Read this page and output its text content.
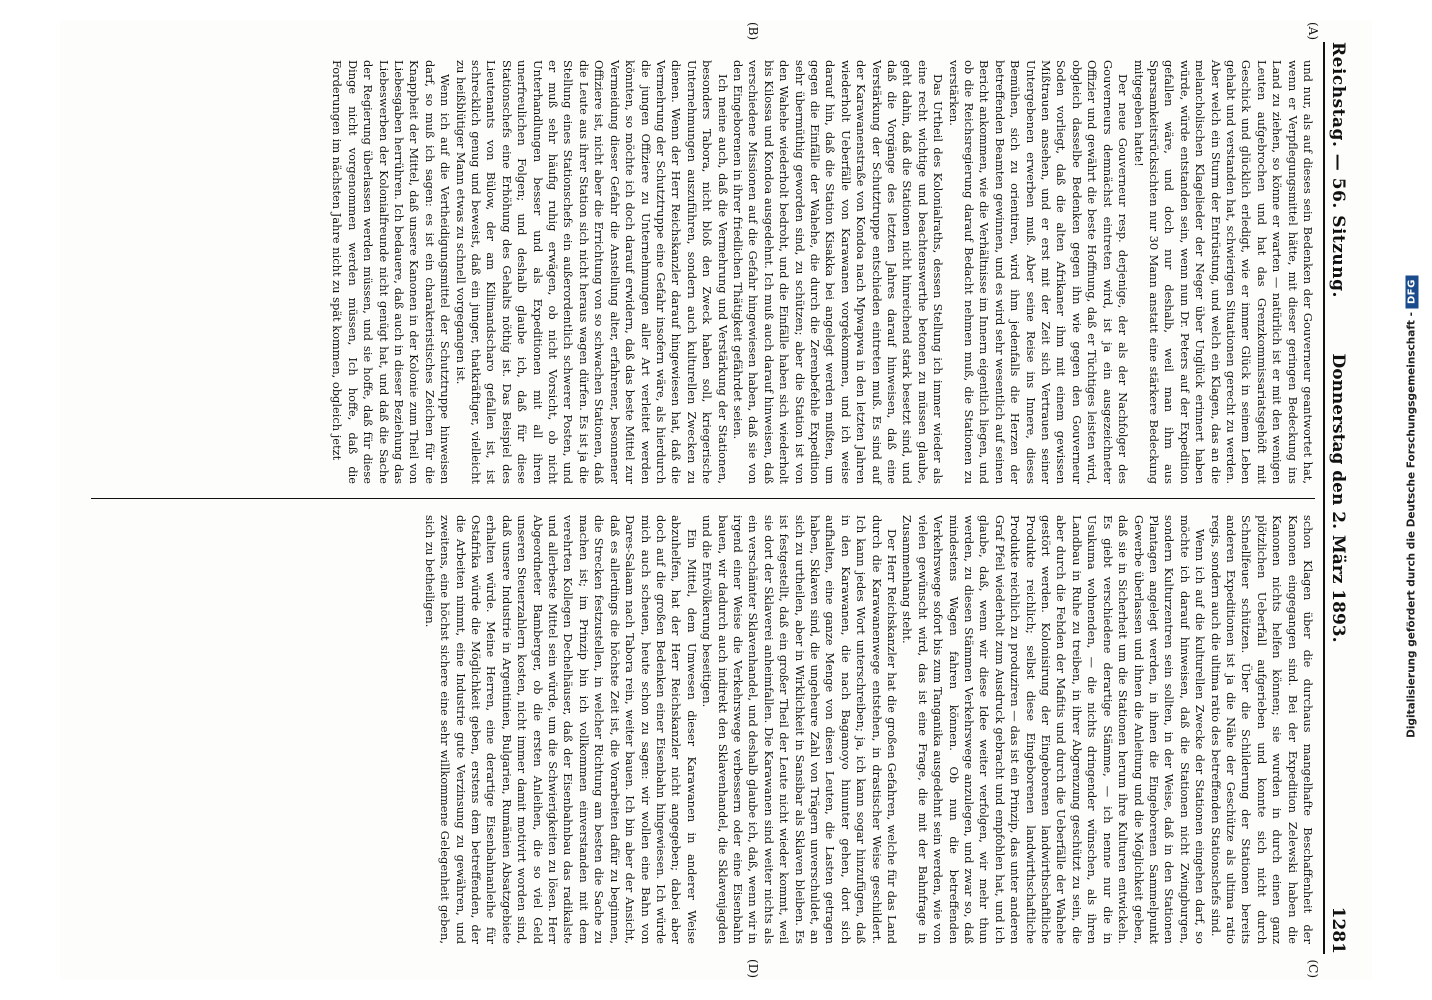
Reichstag. — 56. Sitzung.
Donnerstag den 2. März 1893.
1281
(A)
(B)
(C)
(D)

und nur, als auf dieses sein Bedenken der Gouverneur geantwortet hat, wenn er Verpflegungsmittel hätte, mit dieser geringen Bedeckung ins Land zu ziehen, so könne er warten — natürlich ist er mit den wenigen Leuten aufgebrochen und hat das Grenzkommissariatsgehöft mit Geschick und glücklich erledigt, wie er immer Glück in seinem Leben gehabt und verstanden hat, schwierigen Situationen gerecht zu werden. Aber welch ein Sturm der Entrüstung, und welch ein Klagen, das an die melancholischen Klagelieder der Neger über Unglück erinnert haben würde, würde entstanden sein, wenn nun Dr. Peters auf der Expedition gefallen wäre, und doch nur deshalb, weil man ihm aus Sparsamkeitsrücksichten nur 30 Mann anstatt eine stärkere Bedeckung mitgegeben hatte!

Der neue Gouverneur resp. derjenige, der als der Nachfolger des Gouverneurs demnächst eintreten wird, ist ja ein ausgezeichneter Offizier und gewährt die beste Hoffnung, daß er Tüchtiges leisten wird, obgleich dasselbe Bedenken gegen ihn wie gegen den Gouverneur Soden vorliegt, daß die alten Afrikaner ihm mit einem gewissen Mißtrauen ansehen, und er erst mit der Zeit sich Vertrauen seiner Untergebenen erwerben muß. Aber seine Reise ins Innere, dieses Bemühen, sich zu orientiren, wird ihm jedenfalls die Herzen der betreffenden Beamten gewinnen, und es wird sehr wesentlich auf seinen Bericht ankommen, wie die Verhältnisse im Innern eigentlich liegen, und ob die Reichsregierung darauf Bedacht nehmen muß, die Stationen zu verstärken.

Das Urtheil des Kolonialraths, dessen Stellung ich immer wieder als eine recht wichtige und beachtenswerthe betonen zu müssen glaube, geht dahin, daß die Stationen nicht hinreichend stark besetzt sind, und daß die Vorgänge des letzten Jahres darauf hinweisen, daß eine Verstärkung der Schutztruppe entschieden eintreten muß. Es sind auf der Karawanenstraße von Kondoa nach Mpwapwa in den letzten Jahren wiederholt Ueberfälle von Karawanen vorgekommen, und ich weise darauf hin, daß die Station Kisakka bei angelegt werden mußten, um gegen die Einfälle der Wahehe, die durch die Zerenbefehle Expedition sehr übermüthig geworden sind, zu schützen; aber die Station ist von den Wahehe wiederholt bedroht, und die Einfälle haben sich wiederholt bis Kilossa und Kondoa ausgedehnt. Ich muß auch darauf hinweisen, daß verschiedene Missionen auf die Gefahr hingewiesen haben, daß sie von den Eingeborenen in ihrer friedlichen Thätigkeit gefährdet seien.

Ich meine auch, daß die Vermehrung und Verstärkung der Stationen, besonders Tabora, nicht bloß den Zweck haben soll, kriegerische Unternehmungen auszuführen, sondern auch kulturellen Zwecken zu dienen. Wenn der Herr Reichskanzler darauf hingewiesen hat, daß die Vermehrung der Schutztruppe eine Gefahr insofern wäre, als hierdurch die jungen Offiziere zu Unternehmungen aller Art verleitet werden könnten, so möchte ich doch darauf erwidern, daß das beste Mittel zur Vermeidung dieser Gefahr die Anstellung alter, erfahrener, besonnener Offiziere ist, nicht aber die Errichtung von so schwachen Stationen, daß die Leute aus ihrer Station sich nicht heraus wagen dürfen. Es ist ja die Stellung eines Stationschefs ein außerordentlich schwerer Posten, und er muß sehr häufig ruhig erwägen, ob nicht Vorsicht, ob nicht Unterhandlungen besser und als Expeditionen mit all ihren unerfreulichen Folgen; und deshalb glaube ich, daß für diese Stationschefs eine Erhöhung des Gehalts nöthig ist. Das Beispiel des Lieutenants von Bülow, der am Kilimandscharo gefallen ist, ist schrecklich genug und beweist, daß ein junger, thatkräftiger, vielleicht zu heißblütiger Mann etwas zu schnell vorgegangen ist.

Wenn ich auf die Vertheidigungsmittel der Schutztruppe hinweisen darf, so muß ich sagen: es ist ein charakteristisches Zeichen für die Knappheit der Mittel, daß unsere Kanonen in der Kolonie zum Theil von Liebesgaben herrühren. Ich bedauere, daß auch in dieser Beziehung das Liebeswerben der Kolonialfreunde nicht genügt hat, und daß die Sache der Regierung überlassen werden müssen, und sie hoffe, daß für diese Dinge nicht vorgenommen werden müssen, Ich hoffe, daß die Forderungen im nächsten Jahre nicht zu spät kommen, obgleich jetzt

schon Klagen über die durchaus mangelhafte Beschaffenheit der Kanonen eingegangen sind. Bei der Expedition Zelewski haben die Kanonen nichts helfen können; sie wurden in durch einen ganz plötzlichen Ueberfall aufgerieben und konnte sich nicht durch Schnellfeuer schützen. Über die Schilderung der Stationen bereits anderen Expeditionen ist ja die Nähe der Geschütze als ultima ratio regis, sondern auch die ultima ratio des betreffenden Stationschefs sind.

Wenn ich auf die kulturellen Zwecke der Stationen eingehen darf, so möchte ich darauf hinweisen, daß die Stationen nicht Zwingburgen, sondern Kulturzentren sein sollten, in der Weise, daß in den Stationen Plantagen angelegt werden, in ihnen die Eingeborenen Sammelpunkt Gewerbe überlassen und ihnen die Anleitung und die Möglichkeit geben, daß sie in Sicherheit um die Stationen herum ihre Kulturen entwickeln. Es giebt verschiedene derartige Stämme, — ich nenne nur die in Usukuma wohnenden, — die nichts dringender wünschen, als ihren Landbau in Ruhe zu treiben, in ihrer Abgrenzung geschützt zu sein, die aber durch die Fehden der Mafitis und durch die Ueberfälle der Wahehe gestört werden. Kolonisirung der Eingeborenen landwirthschaftliche Produkte reichlich; selbst diese Eingeborenen landwirthschaftliche Produkte reichlich zu produziren — das ist ein Prinzip, das unter anderen Graf Pfeil wiederholt zum Ausdruck gebracht und empfohlen hat, und ich glaube, daß, wenn wir diese Idee weiter verfolgen, wir mehr thun werden, zu diesen Stämmen Verkehrswege anzulegen, und zwar so, daß mindestens Wagen fahren können. Ob nun die betreffenden Verkehrswege sofort bis zum Tanganika ausgedehnt sein werden, wie von vielen gewünscht wird, das ist eine Frage, die mit der Bahnfrage in Zusammenhang steht.

Der Herr Reichskanzler hat die großen Gefahren, welche für das Land durch die Karawanenwege entstehen, in drastischer Weise geschildert. Ich kann jedes Wort unterschreiben; ja, ich kann sogar hinzufügen, daß in den Karawanen, die nach Bagamoyo hinunter gehen, dort sich aufhalten, eine ganze Menge von diesen Leuten, die Lasten getragen haben, Sklaven sind, die ungeheure Zahl von Trägern unverschuldet, an sich zu urtheilen, aber in Wirklichkeit in Sansibar als Sklaven bleiben. Es ist festgestellt, daß ein großer Theil der Leute nicht wieder kommt, weil sie dort der Sklaverei anheimfallen. Die Karawanen sind weiter nichts als ein verschämter Sklavenhandel, und deshalb glaube ich, daß, wenn wir in irgend einer Weise die Verkehrswege verbessern oder eine Eisenbahn bauen, wir dadurch auch indirekt den Sklavenhandel, die Sklavenjagden und die Entvölkerung beseitigen.

Ein Mittel, dem Umwesen dieser Karawanen in anderer Weise abzuhelfen, hat der Herr Reichskanzler nicht angegeben; dabei aber doch auf die großen Bedenken einer Eisenbahn hingewiesen. Ich würde mich auch scheuen, heute schon zu sagen: wir wollen eine Bahn von Dares-Salaam nach Tabora rein, weiter bauen. Ich bin aber der Ansicht, daß es allerdings die höchste Zeit ist, die Vorarbeiten dafür zu beginnen, die Strecken festzustellen, in welcher Richtung am besten die Sache zu machen ist; im Prinzip bin ich vollkommen einverstanden mit dem verehrten Kollegen Dechelhäuser, daß der Eisenbahnbau das radikalste und allerbeste Mittel sein würde, um die Schwierigkeiten zu lösen. Herr Abgeordneter Bamberger, ob die ersten Anleihen, die so viel Geld unseren Steuerzahlern kosten, nicht immer damit motivirt worden sind, daß unsere Industrie in Argentinien, Bulgarien, Rumänien Absatzgebiete erhalten würde. Meine Herren, eine derartige Eisenbahnanleihe für Ostafrika würde die Möglichkeit geben, erstens dem betreffenden, der die Arbeiten nimmt, eine Industrie gute Verzinsung zu gewähren, und zweitens, eine höchst sichere eine sehr willkommene Gelegenheit geben, sich zu betheiligen.	Digitalisierung gefördert durch die Deutsche Forschungsgemeinschaft -DFG
